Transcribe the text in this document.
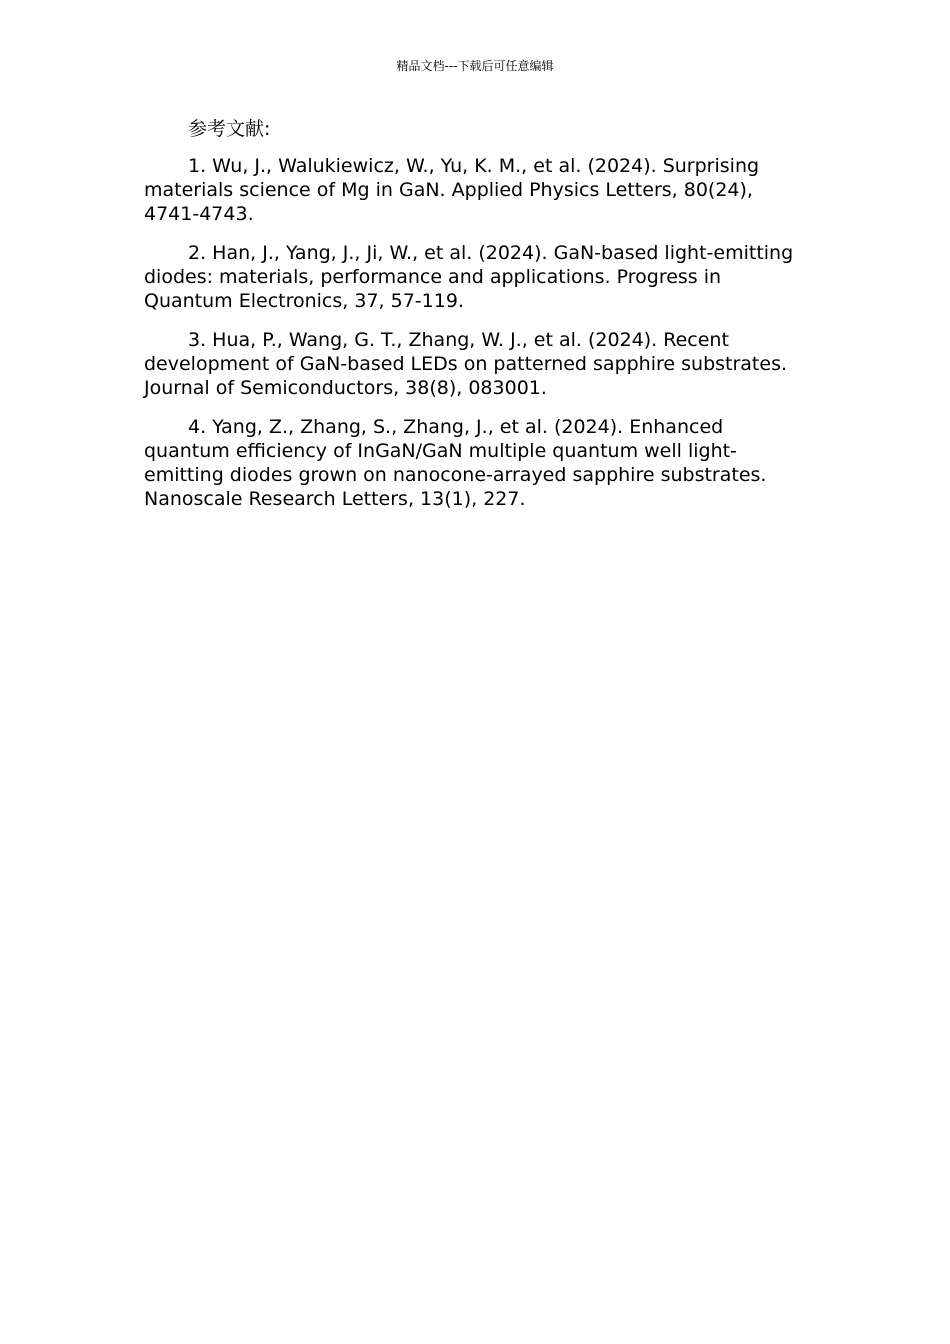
精品文档---下载后可任意编辑
参考文献:
1. Wu, J., Walukiewicz, W., Yu, K. M., et al. (2024). Surprising materials science of Mg in GaN. Applied Physics Letters, 80(24), 4741-4743.
2. Han, J., Yang, J., Ji, W., et al. (2024). GaN-based light-emitting diodes: materials, performance and applications. Progress in Quantum Electronics, 37, 57-119.
3. Hua, P., Wang, G. T., Zhang, W. J., et al. (2024). Recent development of GaN-based LEDs on patterned sapphire substrates. Journal of Semiconductors, 38(8), 083001.
4. Yang, Z., Zhang, S., Zhang, J., et al. (2024). Enhanced quantum efficiency of InGaN/GaN multiple quantum well light-emitting diodes grown on nanocone-arrayed sapphire substrates. Nanoscale Research Letters, 13(1), 227.
